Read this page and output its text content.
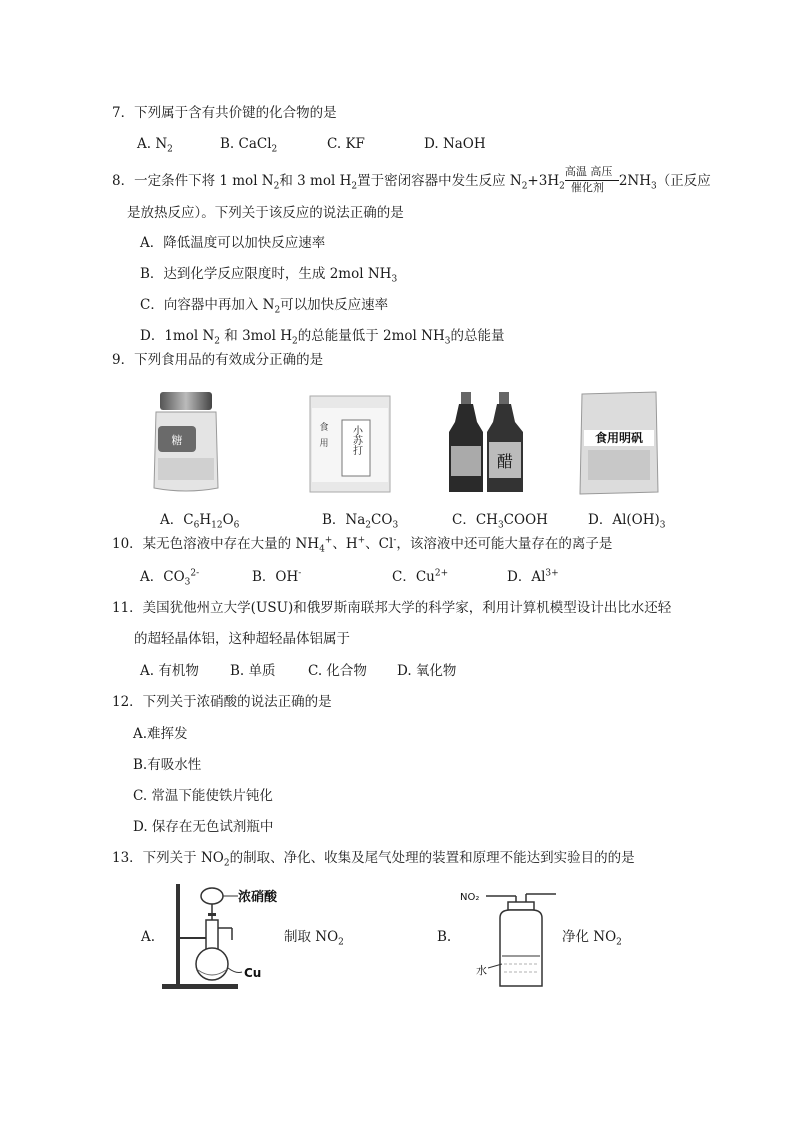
7．下列属于含有共价键的化合物的是
A. $N_2$	B. CaCl$_2$	C. KF	D. NaOH
8．一定条件下将 1 mol $N_2$和 3 mol $H_2$置于密闭容器中发生反应 $N_2+3H_2$
高温 高压
催化剂 $2NH_3$（正反应
是放热反应）。下列关于该反应的说法正确的是
A．降低温度可以加快反应速率
B．达到化学反应限度时，生成 2mol $NH_3$
C．向容器中再加入 $N_2$可以加快反应速率
D．1mol $N_2$ 和 3mol $H_2$的总能量低于 2mol $NH_3$的总能量
9．下列食用品的有效成分正确的是
糖
食
用 小苏打
醋
食用明矾
A．$C_6H_{12}O_6$	B．$Na_2CO_3$	C．$CH_3COOH$	D．$Al(OH)_3$
10．某无色溶液中存在大量的 $NH_4^+$、H+、Cl-，该溶液中还可能大量存在的离子是
A．$CO_3^{2-}$	B．OH-	C．$Cu^{2+}$	D．$Al^{3+}$
11．美国犹他州立大学(USU)和俄罗斯南联邦大学的科学家，利用计算机模型设计出比水还轻
的超轻晶体铝，这种超轻晶体铝属于
A. 有机物 B. 单质 C. 化合物 D. 氧化物
12．下列关于浓硝酸的说法正确的是
A.难挥发
B.有吸水性
C. 常温下能使铁片钝化
D. 保存在无色试剂瓶中
13．下列关于 $NO_2$的制取、净化、收集及尾气处理的装置和原理不能达到实验目的的是
A.
浓硝酸
Cu
制取 $NO_2$	B.
NO₂
水
净化 $NO_2$
